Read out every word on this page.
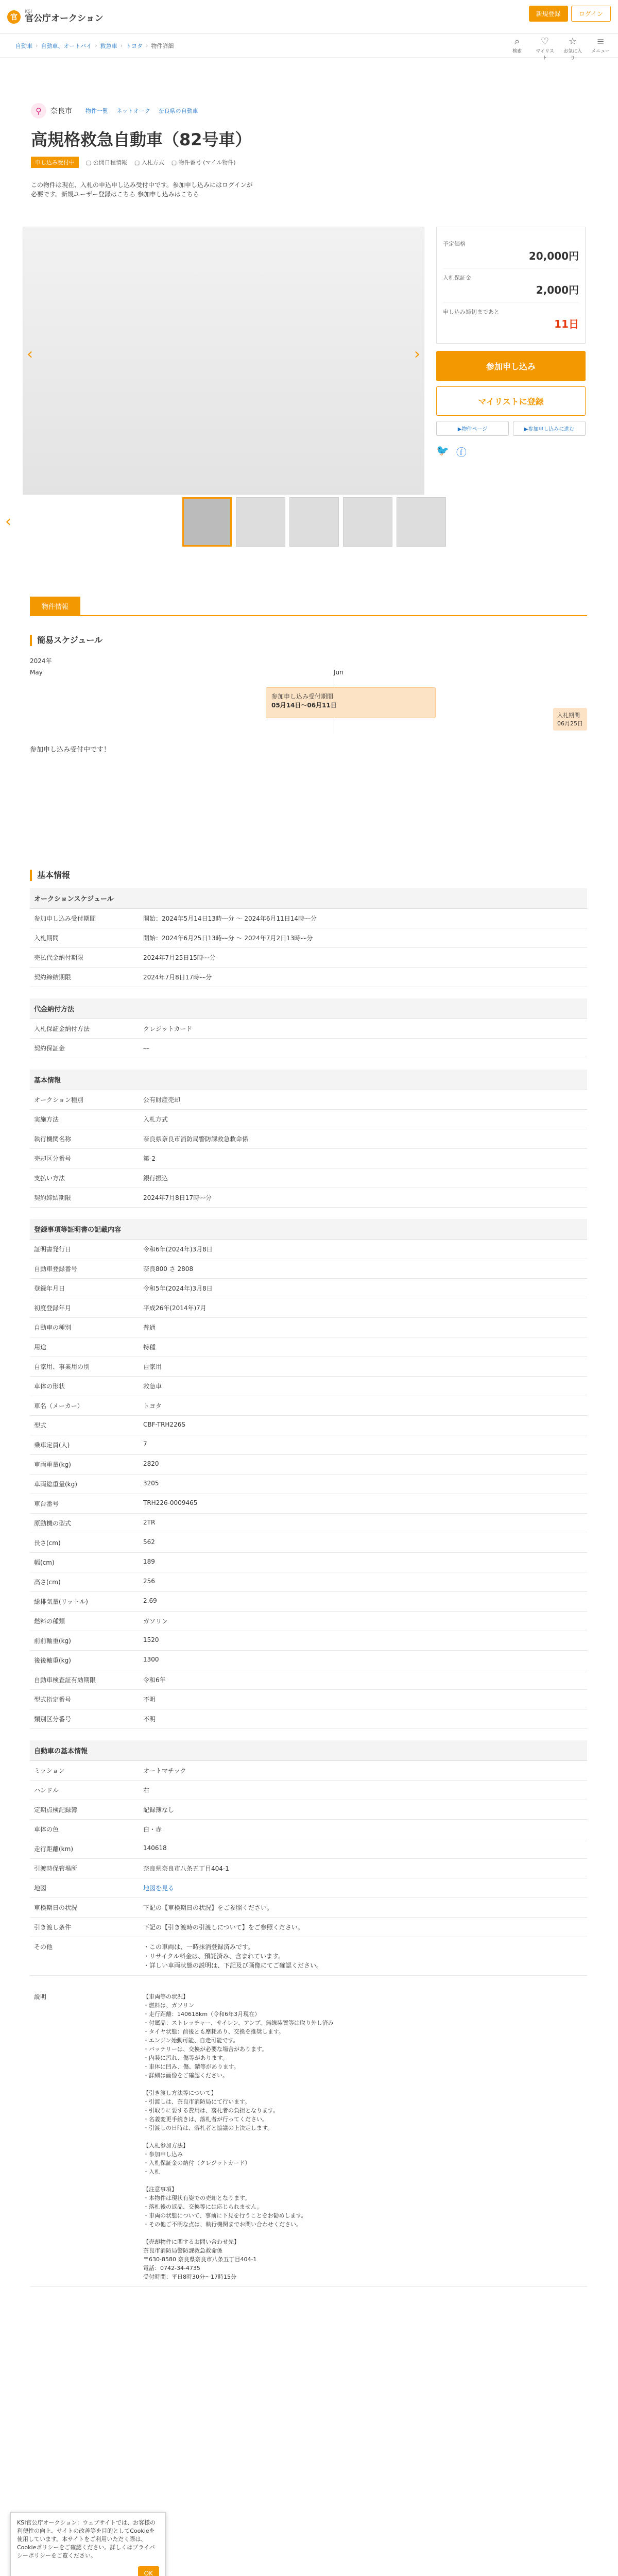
官
KSI
官公庁オークション	新規登録	ログイン
自動車 › 自動車、オートバイ › 救急車 › トヨタ › 物件詳細	⌕
検索
♡
マイリスト
☆
お気に入り
≡
メニュー
⚲	奈良市 物件一覧 ネットオーク 奈良県の自動車
高規格救急自動車（82号車）
申し込み受付中	▢ 公開日程情報 ▢ 入札方式 ▢ 物件番号 (マイル物件)

この物件は現在、入札の申込申し込み受付中です。参加申し込みにはログインが必要です。新規ユーザー登録はこちら 参加申し込みはこちら

‹	›
‹
予定価格
20,000円
入札保証金
2,000円
申し込み締切まであと
11日
参加申し込み
マイリストに登録
▶物件ページ	▶参加申し込みに進む
🐦 ⓕ
物件情報
簡易スケジュール
2024年
May	Jun
参加申し込み受付期間
05月14日～06月11日
入札期間
06月25日

参加申し込み受付中です！

基本情報
オークションスケジュール
参加申し込み受付期間	開始：2024年5月14日13時ｰｰ分 ～ 2024年6月11日14時ｰｰ分
入札期間	開始：2024年6月25日13時ｰｰ分 ～ 2024年7月2日13時ｰｰ分
売払代金納付期限	2024年7月25日15時ｰｰ分
契約締結期限	2024年7月8日17時ｰｰ分
代金納付方法
入札保証金納付方法	クレジットカード
契約保証金	ｰｰ
基本情報
オークション種別	公有財産売却
実施方法	入札方式
執行機関名称	奈良県奈良市消防局警防課救急救命係
売却区分番号	第-2
支払い方法	銀行振込
契約締結期限	2024年7月8日17時ｰｰ分
登録事項等証明書の記載内容
証明書発行日	令和6年(2024年)3月8日
自動車登録番号	奈良800 さ 2808
登録年月日	令和5年(2024年)3月8日
初度登録年月	平成26年(2014年)7月
自動車の種別	普通
用途	特種
自家用、事業用の別	自家用
車体の形状	救急車
車名（メーカー）	トヨタ
型式	CBF-TRH226S
乗車定員(人)	7
車両重量(kg)	2820
車両総重量(kg)	3205
車台番号	TRH226-0009465
原動機の型式	2TR
長さ(cm)	562
幅(cm)	189
高さ(cm)	256
総排気量(リットル)	2.69
燃料の種類	ガソリン
前前軸重(kg)	1520
後後軸重(kg)	1300
自動車検査証有効期限	令和6年
型式指定番号	不明
類別区分番号	不明
自動車の基本情報
ミッション	オートマチック
ハンドル	右
定期点検記録簿	記録簿なし
車体の色	白・赤
走行距離(km)	140618
引渡時保管場所	奈良県奈良市八条五丁目404-1
地図	地図を見る
車検期日の状況	下記の【車検期日の状況】をご参照ください。
引き渡し条件	下記の【引き渡時の引渡しについて】をご参照ください。
その他	・この車両は、一時抹消登録済みです。
・リサイクル料金は、預託済み、含まれています。
・詳しい車両状態の説明は、下記及び画像にてご確認ください。
説明	【車両等の状況】
・燃料は、ガソリン
・走行距離：140618km（令和6年3月現在）
・付属品：ストレッチャー、サイレン、アンプ、無線装置等は取り外し済み
・タイヤ状態：前後とも摩耗あり、交換を推奨します。
・エンジン始動可能、自走可能です。
・バッテリーは、交換が必要な場合があります。
・内装に汚れ、傷等があります。
・車体に凹み、傷、錆等があります。
・詳細は画像をご確認ください。

【引き渡し方法等について】
・引渡しは、奈良市消防局にて行います。
・引取りに要する費用は、落札者の負担となります。
・名義変更手続きは、落札者が行ってください。
・引渡しの日時は、落札者と協議の上決定します。

【入札参加方法】
・参加申し込み
・入札保証金の納付（クレジットカード）
・入札

【注意事項】
・本物件は現状有姿での売却となります。
・落札後の返品、交換等には応じられません。
・車両の状態について、事前に下見を行うことをお勧めします。
・その他ご不明な点は、執行機関までお問い合わせください。

【売却物件に関するお問い合わせ先】
奈良市消防局警防課救急救命係
〒630-8580 奈良県奈良市八条五丁目404-1
電話：0742-34-4735
受付時間：平日8時30分～17時15分

KSI官公庁オークション：ウェブサイトでは、お客様の利便性の向上、サイトの改善等を目的としてCookieを使用しています。本サイトをご利用いただく際は、Cookieポリシーをご確認ください。詳しくはプライバシーポリシーをご覧ください。

OK
